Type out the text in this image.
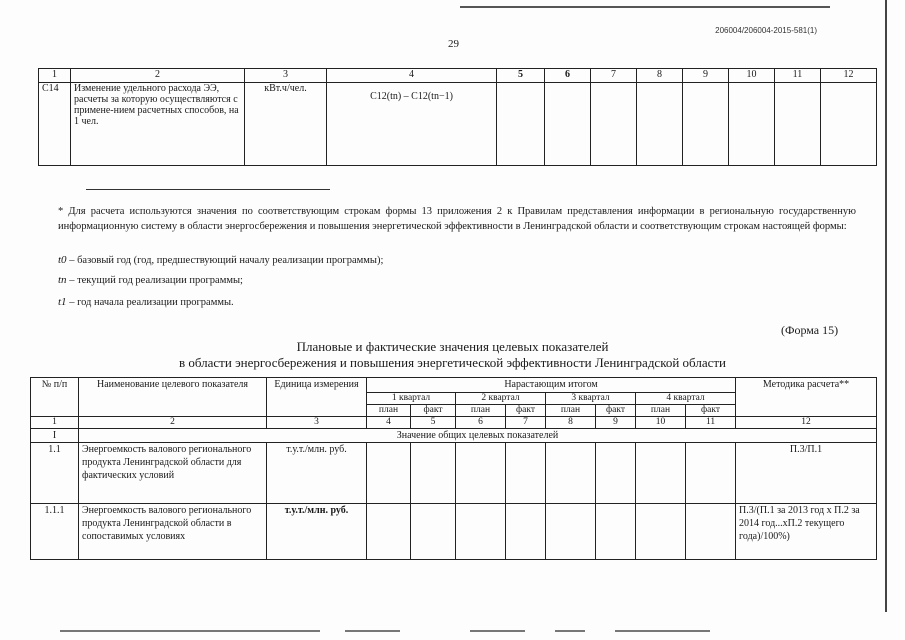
206004/206004-2015-581(1)
29
1	2	3	4	5	6	7	8	9	10	11	12
С14	Изменение удельного расхода ЭЭ, расчеты за которую осуществляются с примене-нием расчетных способов, на 1 чел.	кВт.ч/чел.	С12(tn) – С12(tn−1)								
* Для расчета используются значения по соответствующим строкам формы 13 приложения 2 к Правилам представления информации в региональную государственную информационную систему в области энергосбережения и повышения энергетической эффективности в Ленинградской области и соответствующим строкам настоящей формы:
t0 – базовый год (год, предшествующий началу реализации программы);
tn – текущий год реализации программы;
t1 – год начала реализации программы.
(Форма 15)
Плановые и фактические значения целевых показателей
в области энергосбережения и повышения энергетической эффективности Ленинградской области
№ п/п	Наименование целевого показателя	Единица измерения	Нарастающим итогом								Методика расчета**
			1 квартал		2 квартал		3 квартал		4 квартал		
			план	факт	план	факт	план	факт	план	факт	
1	2	3	4	5	6	7	8	9	10	11	12
I	Значение общих целевых показателей										
1.1	Энергоемкость валового регионального продукта Ленинградской области для фактических условий	т.у.т./млн. руб.									П.3/П.1
1.1.1	Энергоемкость валового регионального продукта Ленинградской области в сопоставимых условиях	т.у.т./млн. руб.									П.3/(П.1 за 2013 год х П.2 за 2014 год...хП.2 текущего года)/100%)
